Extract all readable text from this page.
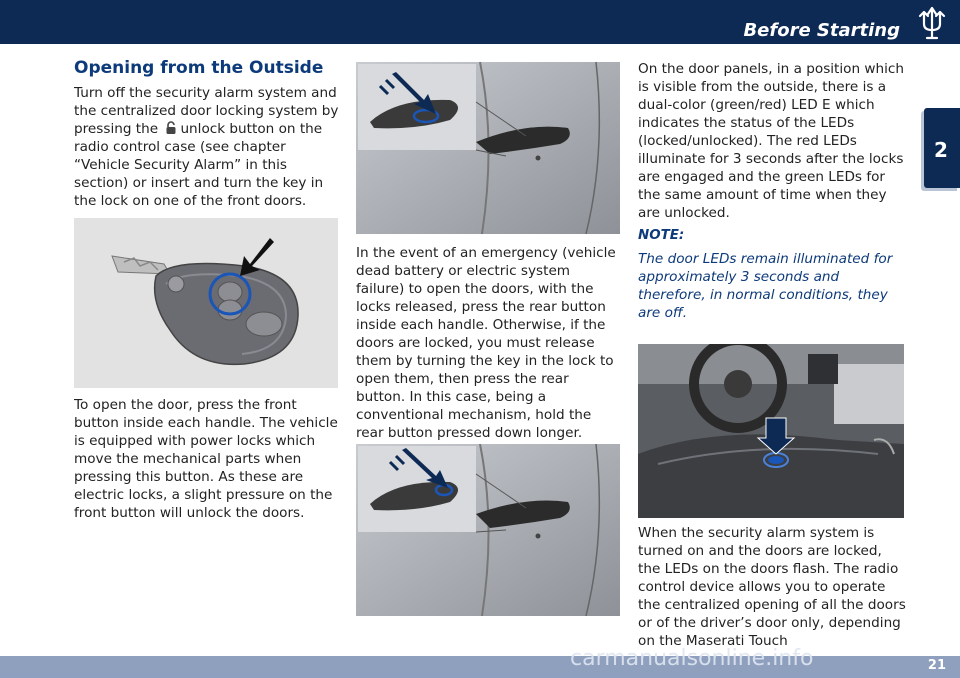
Before Starting
2
Opening from the Outside
Turn off the security alarm system and
the centralized door locking system by
pressing the unlock button on the
radio control case (see chapter
“Vehicle Security Alarm” in this
section) or insert and turn the key in
the lock on one of the front doors.
To open the door, press the front button inside each handle. The vehicle is equipped with power locks which move the mechanical parts when pressing this button. As these are electric locks, a slight pressure on the front button will unlock the doors.
In the event of an emergency (vehicle dead battery or electric system failure) to open the doors, with the locks released, press the rear button inside each handle. Otherwise, if the doors are locked, you must release them by turning the key in the lock to open them, then press the rear button. In this case, being a conventional mechanism, hold the rear button pressed down longer.
On the door panels, in a position which is visible from the outside, there is a dual-color (green/red) LED E which indicates the status of the LEDs (locked/unlocked). The red LEDs illuminate for 3 seconds after the locks are engaged and the green LEDs for the same amount of time when they are unlocked.
NOTE:
The door LEDs remain illuminated for approximately 3 seconds and therefore, in normal conditions, they are off.
When the security alarm system is turned on and the doors are locked, the LEDs on the doors flash. The radio control device allows you to operate the centralized opening of all the doors or of the driver’s door only, depending on the Maserati Touch
carmanualsonline.info	21
